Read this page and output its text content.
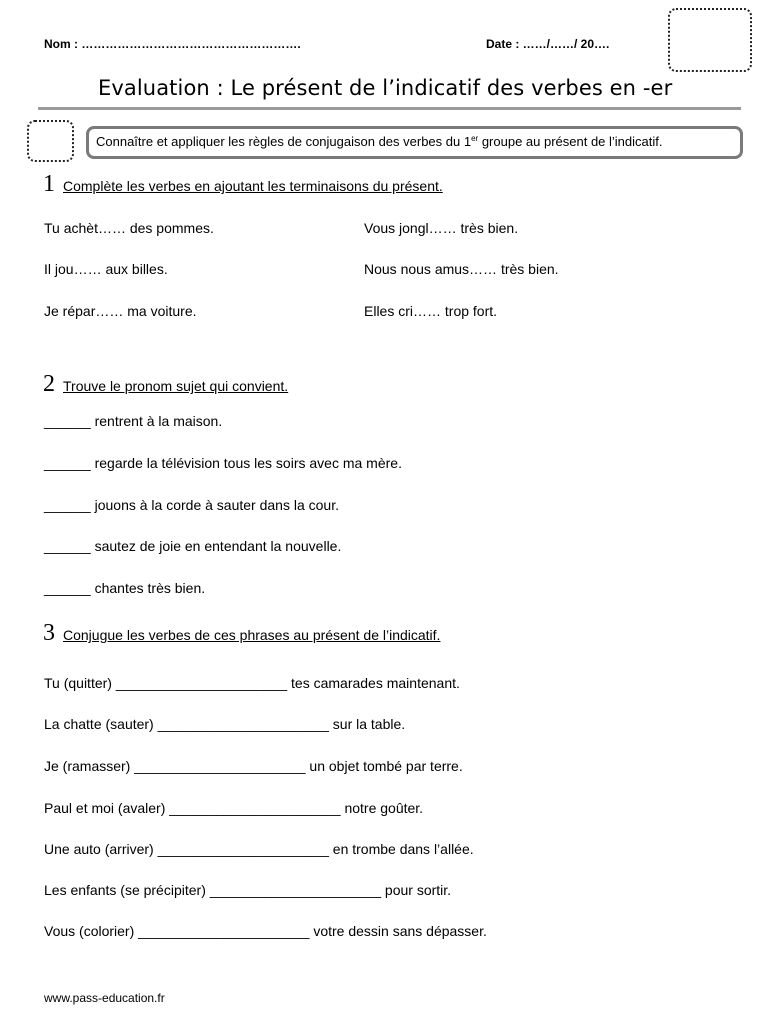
Nom : ……………………………………………….	Date : ……/……/ 20….
Evaluation : Le présent de l’indicatif des verbes en -er
Connaître et appliquer les règles de conjugaison des verbes du 1er groupe au présent de l’indicatif.
1 Complète les verbes en ajoutant les terminaisons du présent.
Tu achèt…… des pommes.
Il jou…… aux billes.
Je répar…… ma voiture.
Vous jongl…… très bien.
Nous nous amus…… très bien.
Elles cri…… trop fort.
2 Trouve le pronom sujet qui convient.
______ rentrent à la maison.
______ regarde la télévision tous les soirs avec ma mère.
______ jouons à la corde à sauter dans la cour.
______ sautez de joie en entendant la nouvelle.
______ chantes très bien.
3 Conjugue les verbes de ces phrases au présent de l’indicatif.
Tu (quitter) ______________________ tes camarades maintenant.
La chatte (sauter) ______________________ sur la table.
Je (ramasser) ______________________ un objet tombé par terre.
Paul et moi (avaler) ______________________ notre goûter.
Une auto (arriver) ______________________ en trombe dans l’allée.
Les enfants (se précipiter) ______________________ pour sortir.
Vous (colorier) ______________________ votre dessin sans dépasser.
www.pass-education.fr
